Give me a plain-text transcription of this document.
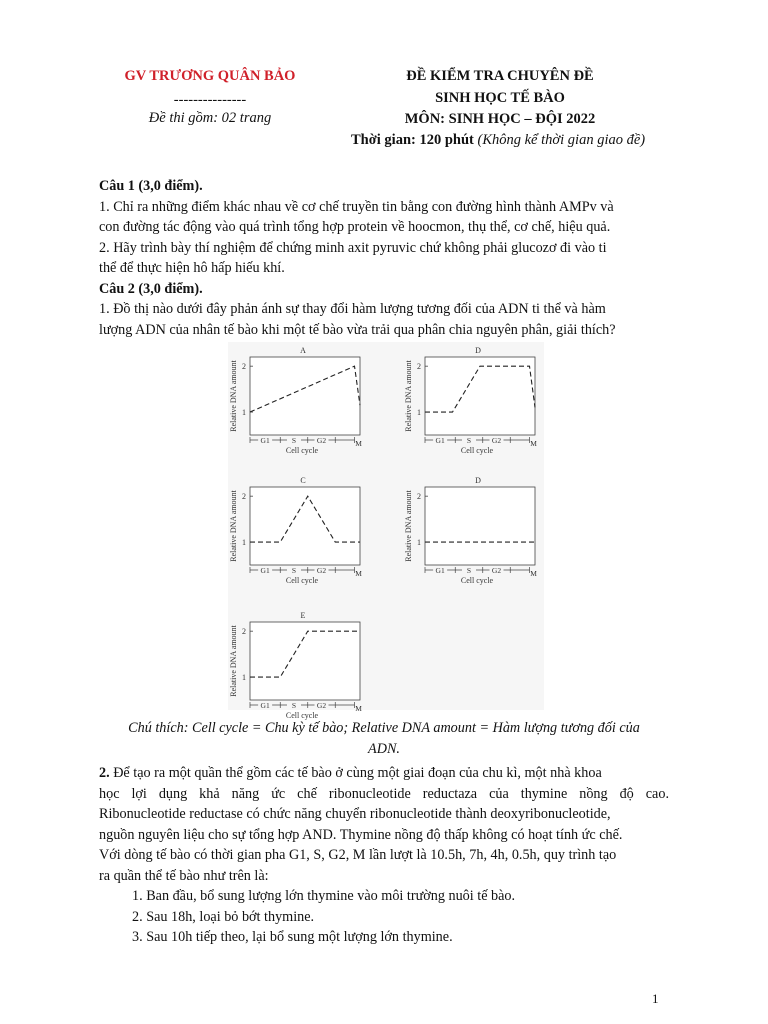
GV TRƯƠNG QUÂN BẢO
---------------
Đề thi gồm: 02 trang
ĐỀ KIỂM TRA CHUYÊN ĐỀ
SINH HỌC TẾ BÀO
MÔN: SINH HỌC – ĐỘI 2022
Thời gian: 120 phút (Không kể thời gian giao đề)
Câu 1 (3,0 điểm).
1. Chỉ ra những điểm khác nhau về cơ chế truyền tin bằng con đường hình thành AMPv và
con đường tác động vào quá trình tổng hợp protein về hoocmon, thụ thể, cơ chế, hiệu quả.
2. Hãy trình bày thí nghiệm để chứng minh axit pyruvic chứ không phải glucozơ đi vào ti
thể để thực hiện hô hấp hiếu khí.
Câu 2 (3,0 điểm).
1. Đồ thị nào dưới đây phản ánh sự thay đổi hàm lượng tương đối của ADN ti thể và hàm
lượng ADN của nhân tế bào khi một tế bào vừa trải qua phân chia nguyên phân, giải thích?
A
Relative DNA amount 1
2
G1	S	G2	M
Cell cycle
D
Relative DNA amount 1
2
G1	S	G2	M
Cell cycle
C
Relative DNA amount 1
2
G1	S	G2	M
Cell cycle
D
Relative DNA amount 1
2
G1	S	G2	M
Cell cycle
E
Relative DNA amount 1
2
G1	S	G2	M
Cell cycle
Chú thích: Cell cycle = Chu kỳ tế bào; Relative DNA amount = Hàm lượng tương đối của
ADN.
2. Để tạo ra một quần thể gồm các tế bào ở cùng một giai đoạn của chu kì, một nhà khoa
học lợi dụng khả năng ức chế ribonucleotide reductaza của thymine nồng độ cao.
Ribonucleotide reductase có chức năng chuyển ribonucleotide thành deoxyribonucleotide,
nguồn nguyên liệu cho sự tổng hợp AND. Thymine nồng độ thấp không có hoạt tính ức chế.
Với dòng tế bào có thời gian pha G1, S, G2, M lần lượt là 10.5h, 7h, 4h, 0.5h, quy trình tạo
ra quần thể tế bào như trên là:
1. Ban đầu, bổ sung lượng lớn thymine vào môi trường nuôi tế bào.
2. Sau 18h, loại bỏ bớt thymine.
3. Sau 10h tiếp theo, lại bổ sung một lượng lớn thymine.
1
